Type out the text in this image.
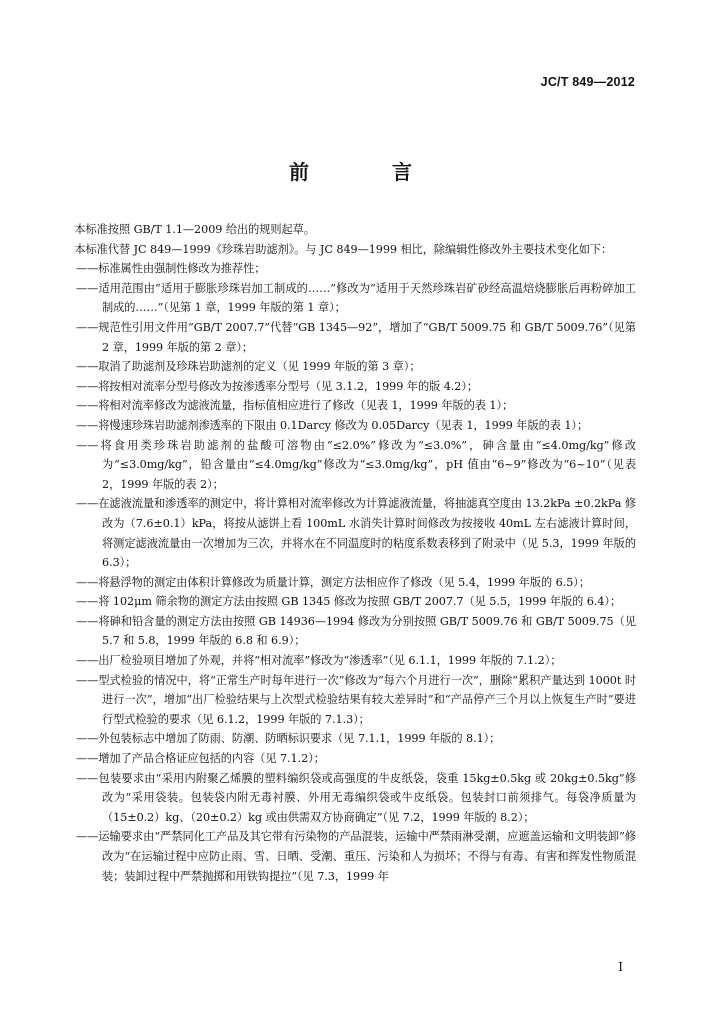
JC/T 849—2012
前 言

本标准按照 GB/T 1.1—2009 给出的规则起草。

本标准代替 JC 849—1999《珍珠岩助滤剂》。与 JC 849—1999 相比，除编辑性修改外主要技术变化如下：

——标准属性由强制性修改为推荐性；
——适用范围由“适用于膨胀珍珠岩加工制成的……”修改为“适用于天然珍珠岩矿砂经高温焙烧膨胀后再粉碎加工制成的……”（见第 1 章，1999 年版的第 1 章）；
——规范性引用文件用“GB/T 2007.7”代替“GB 1345—92”，增加了“GB/T 5009.75 和 GB/T 5009.76”（见第 2 章，1999 年版的第 2 章）；
——取消了助滤剂及珍珠岩助滤剂的定义（见 1999 年版的第 3 章）；
——将按相对流率分型号修改为按渗透率分型号（见 3.1.2，1999 年的版 4.2）；
——将相对流率修改为滤液流量，指标值相应进行了修改（见表 1，1999 年版的表 1）；
——将慢速珍珠岩助滤剂渗透率的下限由 0.1Darcy 修改为 0.05Darcy（见表 1，1999 年版的表 1）；
——将食用类珍珠岩助滤剂的盐酸可溶物由“≤2.0%”修改为“≤3.0%”，砷含量由“≤4.0mg/kg”修改为“≤3.0mg/kg”，铅含量由“≤4.0mg/kg”修改为“≤3.0mg/kg”，pH 值由“6~9”修改为“6~10”（见表 2，1999 年版的表 2）；
——在滤液流量和渗透率的测定中，将计算相对流率修改为计算滤液流量，将抽滤真空度由 13.2kPa ±0.2kPa 修改为（7.6±0.1）kPa，将按从滤饼上看 100mL 水消失计算时间修改为按接收 40mL 左右滤液计算时间，将测定滤液流量由一次增加为三次，并将水在不同温度时的粘度系数表移到了附录中（见 5.3，1999 年版的 6.3）；
——将悬浮物的测定由体积计算修改为质量计算，测定方法相应作了修改（见 5.4，1999 年版的 6.5）；
——将 102μm 筛余物的测定方法由按照 GB 1345 修改为按照 GB/T 2007.7（见 5.5，1999 年版的 6.4）；
——将砷和铅含量的测定方法由按照 GB 14936—1994 修改为分别按照 GB/T 5009.76 和 GB/T 5009.75（见 5.7 和 5.8，1999 年版的 6.8 和 6.9）；
——出厂检验项目增加了外观，并将“相对流率”修改为“渗透率”（见 6.1.1，1999 年版的 7.1.2）；
——型式检验的情况中，将“正常生产时每年进行一次”修改为“每六个月进行一次”，删除“累积产量达到 1000t 时进行一次”，增加“出厂检验结果与上次型式检验结果有较大差异时”和“产品停产三个月以上恢复生产时”要进行型式检验的要求（见 6.1.2，1999 年版的 7.1.3）；
——外包装标志中增加了防雨、防潮、防晒标识要求（见 7.1.1，1999 年版的 8.1）；
——增加了产品合格证应包括的内容（见 7.1.2）；
——包装要求由“采用内附聚乙烯膜的塑料编织袋或高强度的牛皮纸袋，袋重 15kg±0.5kg 或 20kg±0.5kg”修改为“采用袋装。包装袋内附无毒衬膜、外用无毒编织袋或牛皮纸袋。包装封口前须排气。每袋净质量为（15±0.2）kg、（20±0.2）kg 或由供需双方协商确定”（见 7.2，1999 年版的 8.2）；
——运输要求由“严禁同化工产品及其它带有污染物的产品混装，运输中严禁雨淋受潮，应遮盖运输和文明装卸”修改为“在运输过程中应防止雨、雪、日晒、受潮、重压、污染和人为损坏；不得与有毒、有害和挥发性物质混装；装卸过程中严禁抛掷和用铁钩提拉”（见 7.3，1999 年
I
